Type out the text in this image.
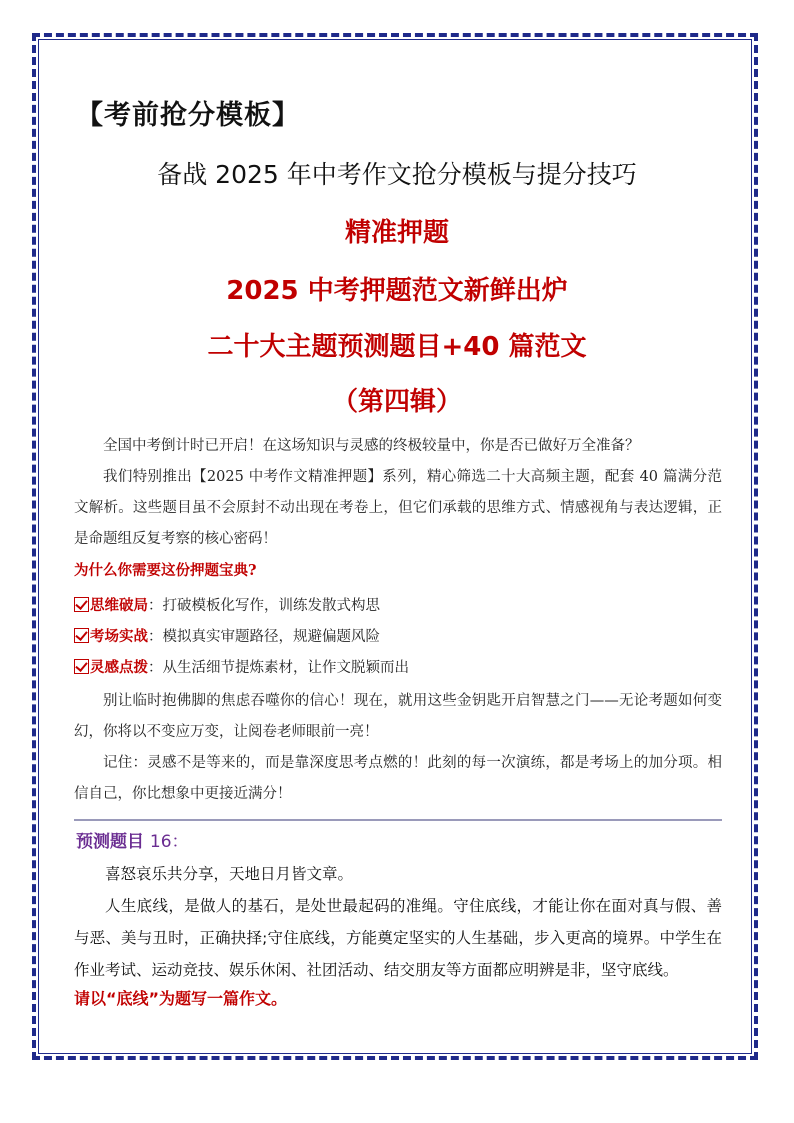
【考前抢分模板】
备战 2025 年中考作文抢分模板与提分技巧
精准押题
2025 中考押题范文新鲜出炉
二十大主题预测题目+40 篇范文
（第四辑）
全国中考倒计时已开启！在这场知识与灵感的终极较量中，你是否已做好万全准备？
我们特别推出【2025 中考作文精准押题】系列，精心筛选二十大高频主题，配套 40 篇满分范文解析。这些题目虽不会原封不动出现在考卷上，但它们承载的思维方式、情感视角与表达逻辑，正是命题组反复考察的核心密码！
为什么你需要这份押题宝典?
思维破局：打破模板化写作，训练发散式构思
考场实战：模拟真实审题路径，规避偏题风险
灵感点拨：从生活细节提炼素材，让作文脱颖而出
别让临时抱佛脚的焦虑吞噬你的信心！现在，就用这些金钥匙开启智慧之门——无论考题如何变幻，你将以不变应万变，让阅卷老师眼前一亮！
记住：灵感不是等来的，而是靠深度思考点燃的！此刻的每一次演练，都是考场上的加分项。相信自己，你比想象中更接近满分！
预测题目 16：
喜怒哀乐共分享，天地日月皆文章。
人生底线，是做人的基石，是处世最起码的准绳。守住底线，才能让你在面对真与假、善与恶、美与丑时，正确抉择;守住底线，方能奠定坚实的人生基础，步入更高的境界。中学生在作业考试、运动竞技、娱乐休闲、社团活动、结交朋友等方面都应明辨是非，坚守底线。
请以“底线”为题写一篇作文。
